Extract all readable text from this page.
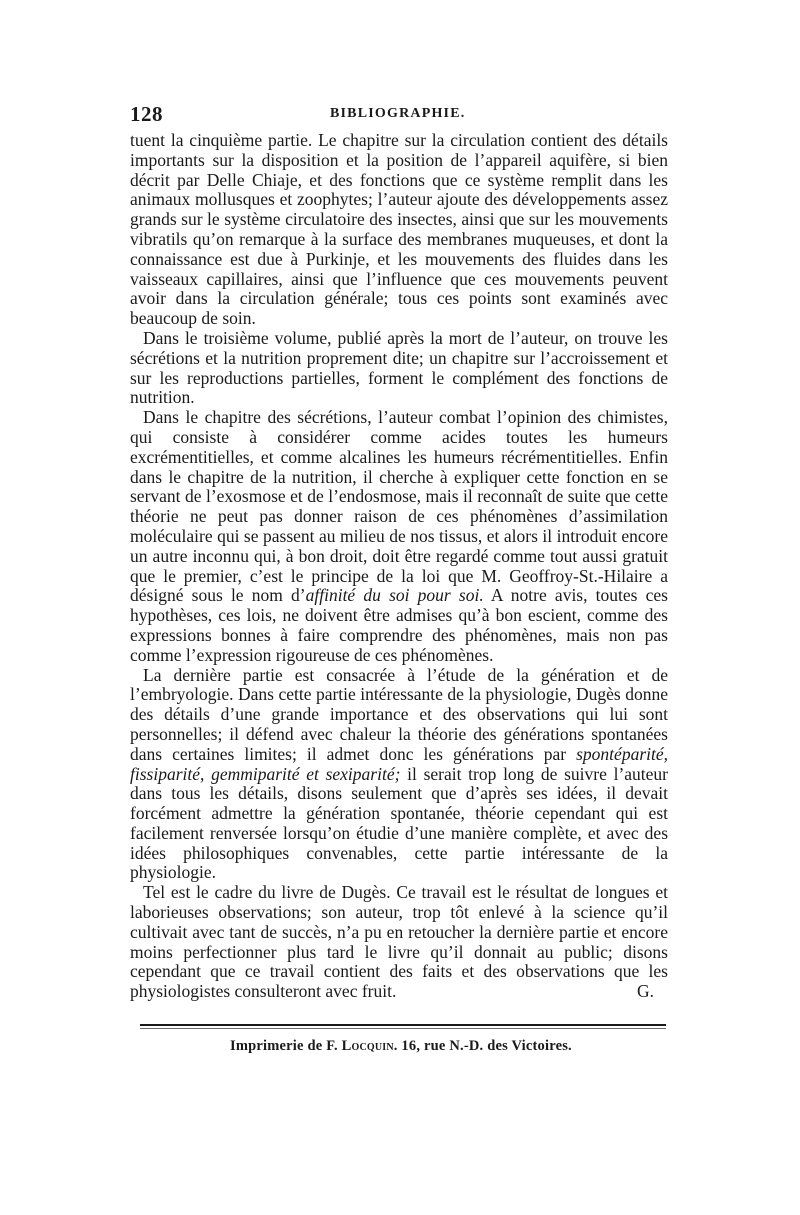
128	BIBLIOGRAPHIE.

tuent la cinquième partie. Le chapitre sur la circulation contient des détails importants sur la disposition et la position de l’appareil aquifère, si bien décrit par Delle Chiaje, et des fonctions que ce système remplit dans les animaux mollusques et zoophytes; l’auteur ajoute des développements assez grands sur le système circulatoire des insectes, ainsi que sur les mouvements vibratils qu’on remarque à la surface des membranes muqueuses, et dont la connaissance est due à Purkinje, et les mouvements des fluides dans les vaisseaux capillaires, ainsi que l’influence que ces mouvements peuvent avoir dans la circulation générale; tous ces points sont examinés avec beaucoup de soin.

Dans le troisième volume, publié après la mort de l’auteur, on trouve les sécrétions et la nutrition proprement dite; un chapitre sur l’accroissement et sur les reproductions partielles, forment le complément des fonctions de nutrition.

Dans le chapitre des sécrétions, l’auteur combat l’opinion des chimistes, qui consiste à considérer comme acides toutes les humeurs excrémentitielles, et comme alcalines les humeurs récrémentitielles. Enfin dans le chapitre de la nutrition, il cherche à expliquer cette fonction en se servant de l’exosmose et de l’endosmose, mais il reconnaît de suite que cette théorie ne peut pas donner raison de ces phénomènes d’assimilation moléculaire qui se passent au milieu de nos tissus, et alors il introduit encore un autre inconnu qui, à bon droit, doit être regardé comme tout aussi gratuit que le premier, c’est le principe de la loi que M. Geoffroy-St.-Hilaire a désigné sous le nom d’affinité du soi pour soi. A notre avis, toutes ces hypothèses, ces lois, ne doivent être admises qu’à bon escient, comme des expressions bonnes à faire comprendre des phénomènes, mais non pas comme l’expression rigoureuse de ces phénomènes.

La dernière partie est consacrée à l’étude de la génération et de l’embryologie. Dans cette partie intéressante de la physiologie, Dugès donne des détails d’une grande importance et des observations qui lui sont personnelles; il défend avec chaleur la théorie des générations spontanées dans certaines limites; il admet donc les générations par spontéparité, fissiparité, gemmiparité et sexiparité; il serait trop long de suivre l’auteur dans tous les détails, disons seulement que d’après ses idées, il devait forcément admettre la génération spontanée, théorie cependant qui est facilement renversée lorsqu’on étudie d’une manière complète, et avec des idées philosophiques convenables, cette partie intéressante de la physiologie.

Tel est le cadre du livre de Dugès. Ce travail est le résultat de longues et laborieuses observations; son auteur, trop tôt enlevé à la science qu’il cultivait avec tant de succès, n’a pu en retoucher la dernière partie et encore moins perfectionner plus tard le livre qu’il donnait au public; disons cependant que ce travail contient des faits et des observations que les physiologistes consulteront avec fruit.	G.

Imprimerie de F. Locquin. 16, rue N.-D. des Victoires.
